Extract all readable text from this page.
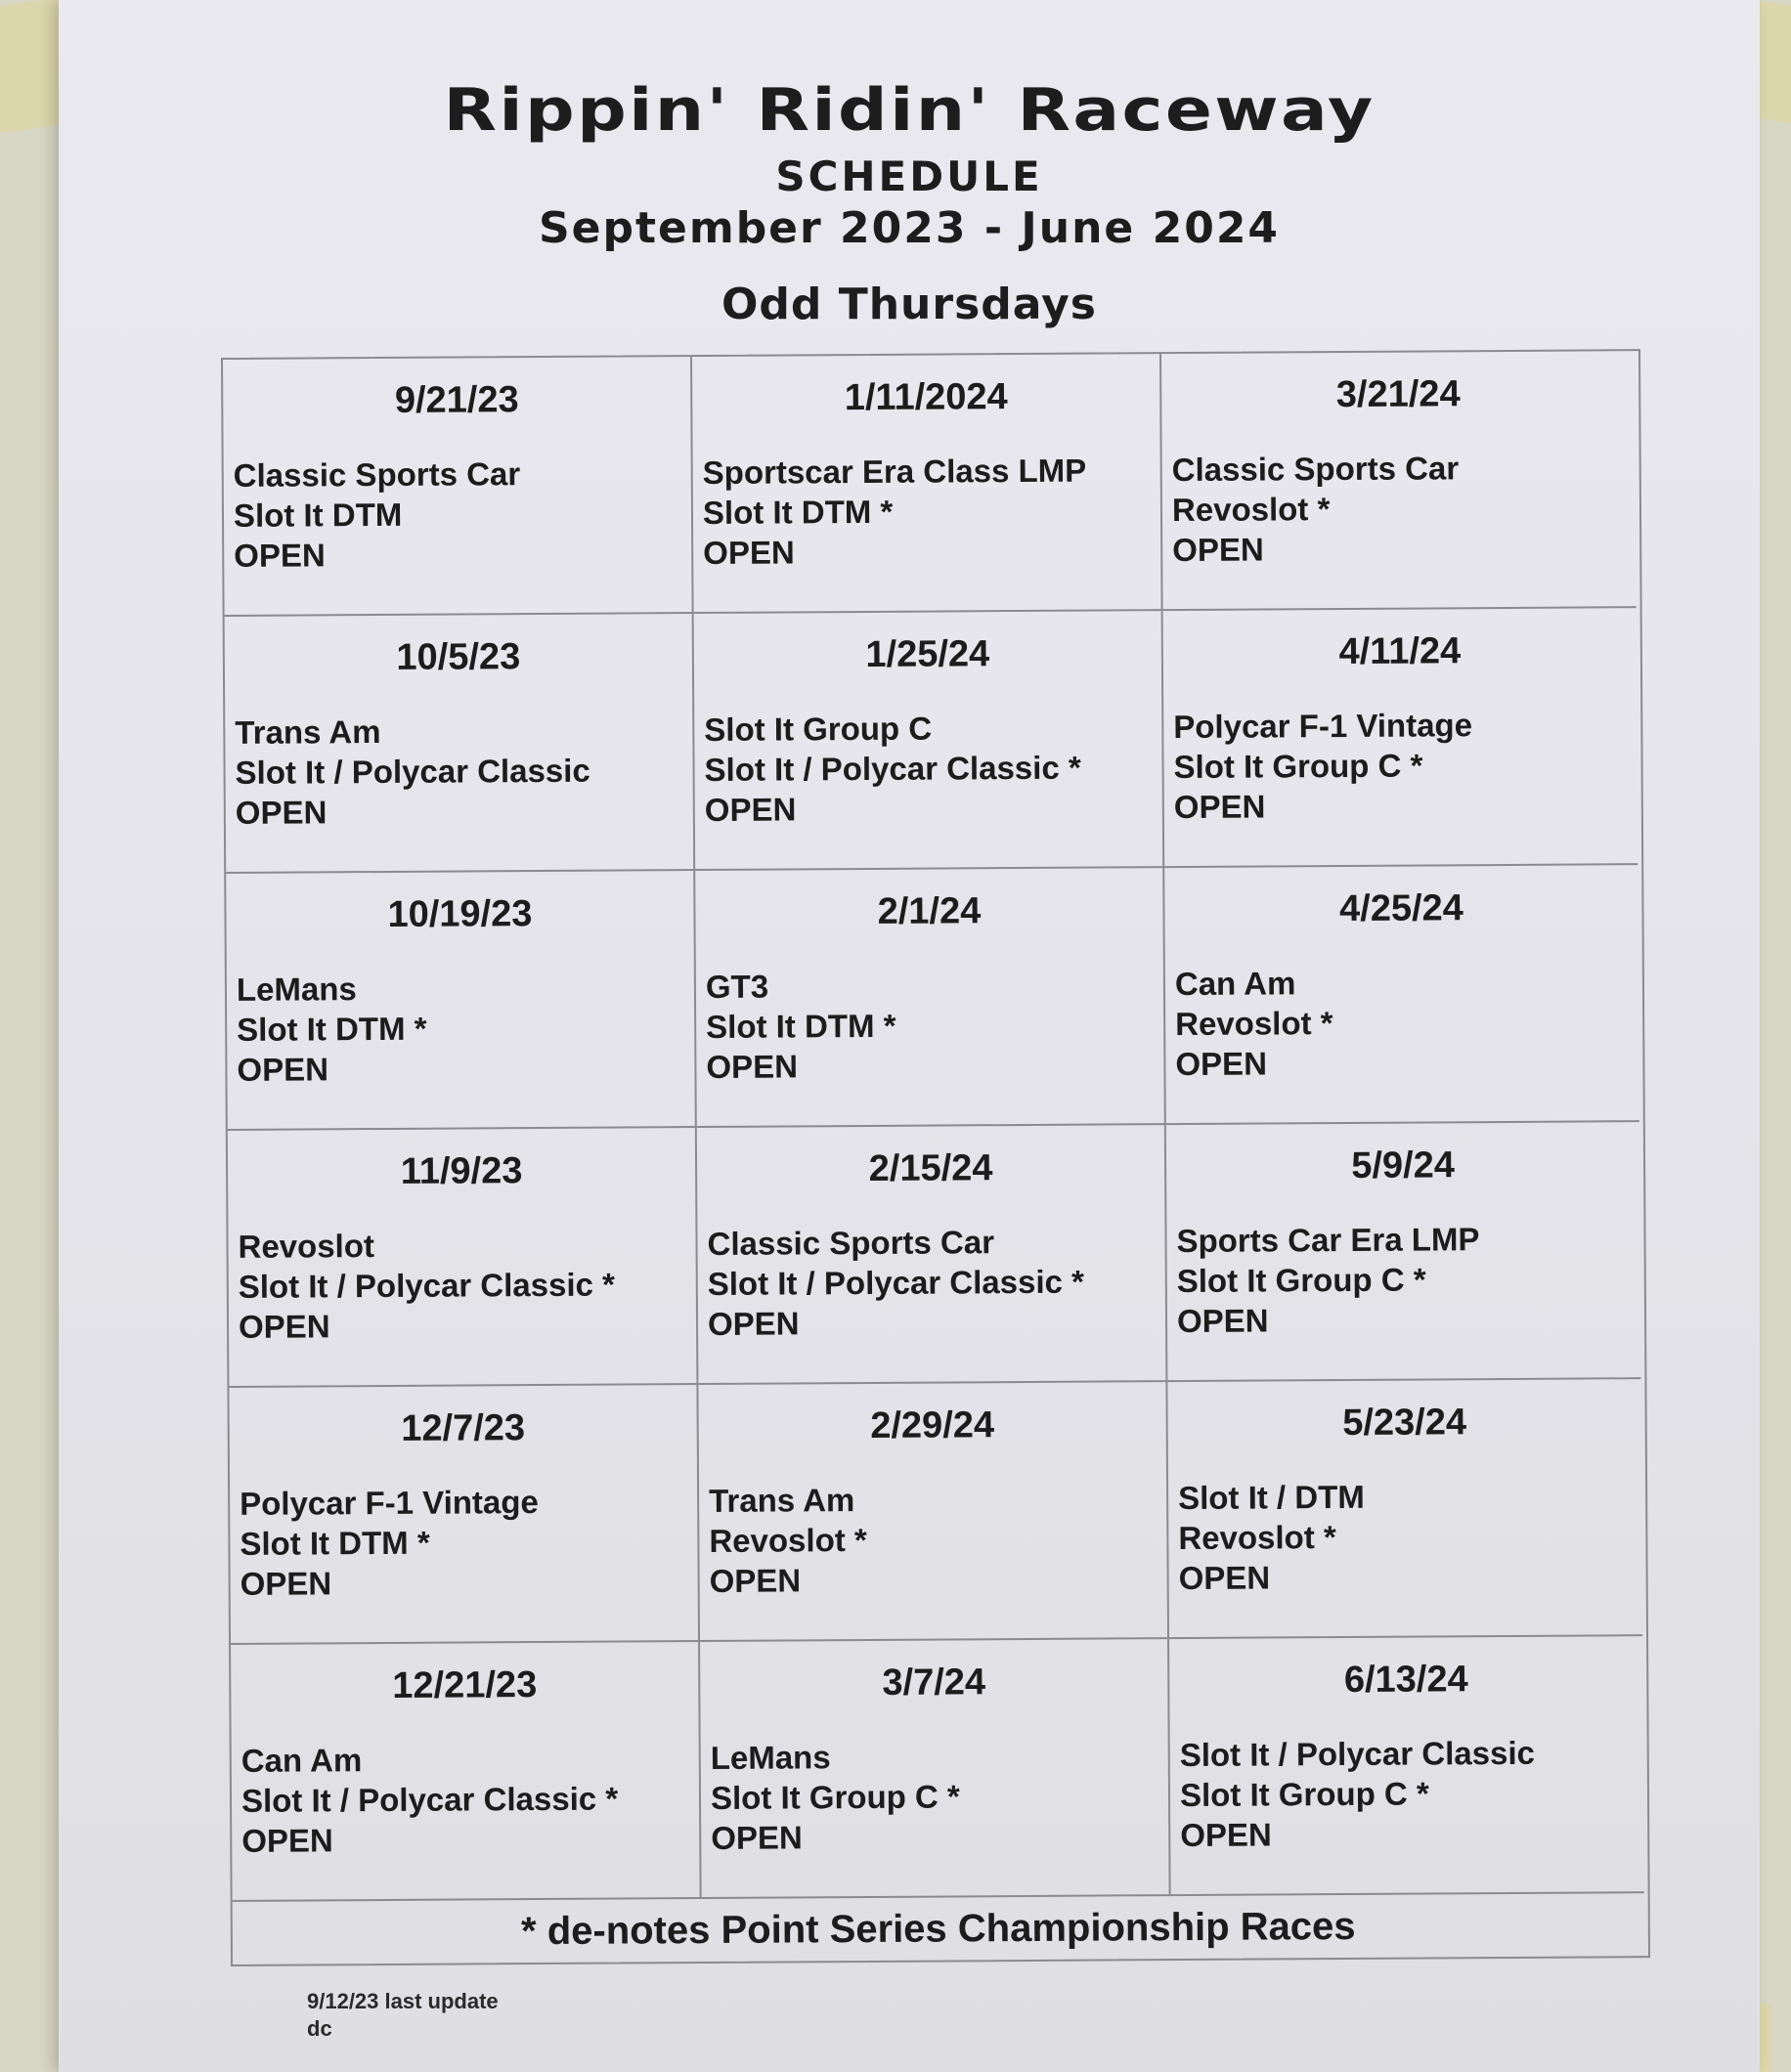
Rippin' Ridin' Raceway
SCHEDULE
September 2023 - June 2024
Odd Thursdays
9/21/23
Classic Sports Car
Slot It DTM
OPEN
1/11/2024
Sportscar Era Class LMP
Slot It DTM *
OPEN
3/21/24
Classic Sports Car
Revoslot *
OPEN
10/5/23
Trans Am
Slot It / Polycar Classic
OPEN
1/25/24
Slot It Group C
Slot It / Polycar Classic *
OPEN
4/11/24
Polycar F-1 Vintage
Slot It Group C *
OPEN
10/19/23
LeMans
Slot It DTM *
OPEN
2/1/24
GT3
Slot It DTM *
OPEN
4/25/24
Can Am
Revoslot *
OPEN
11/9/23
Revoslot
Slot It / Polycar Classic *
OPEN
2/15/24
Classic Sports Car
Slot It / Polycar Classic *
OPEN
5/9/24
Sports Car Era LMP
Slot It Group C *
OPEN
12/7/23
Polycar F-1 Vintage
Slot It DTM *
OPEN
2/29/24
Trans Am
Revoslot *
OPEN
5/23/24
Slot It / DTM
Revoslot *
OPEN
12/21/23
Can Am
Slot It / Polycar Classic *
OPEN
3/7/24
LeMans
Slot It Group C *
OPEN
6/13/24
Slot It / Polycar Classic
Slot It Group C *
OPEN
* de-notes Point Series Championship Races
9/12/23 last update
dc
